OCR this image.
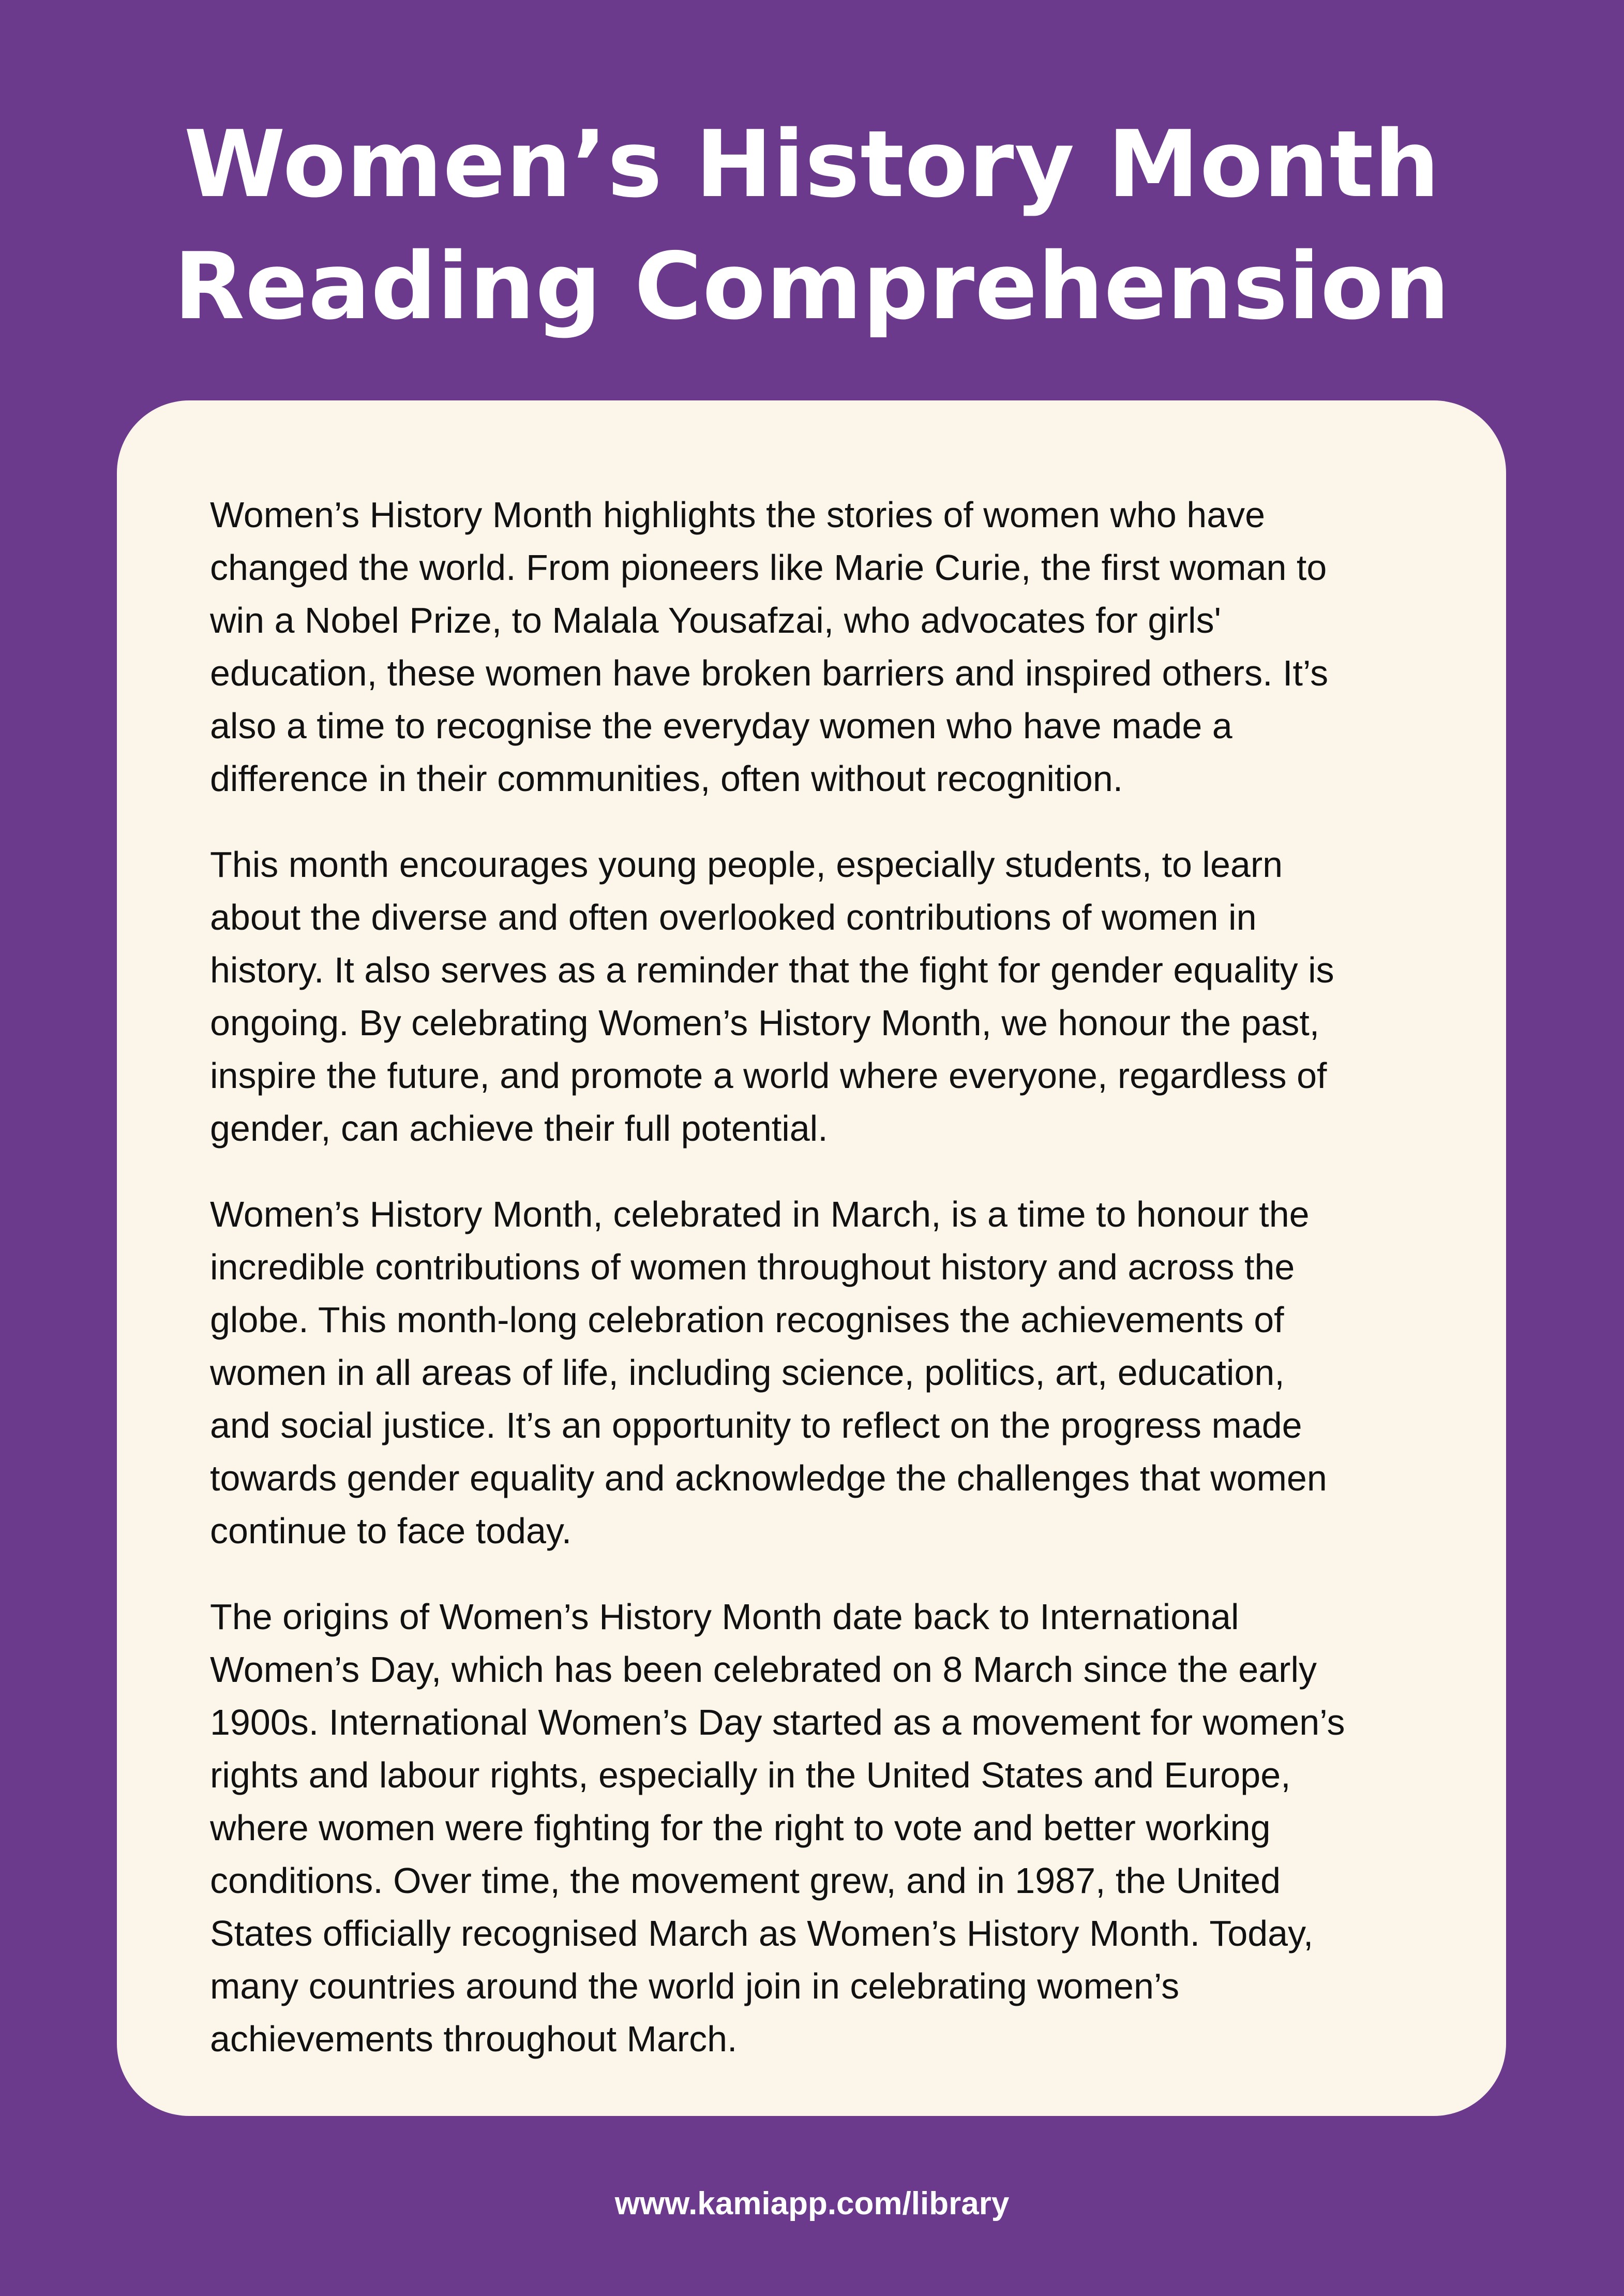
Women’s History Month
Reading Comprehension

Women’s History Month highlights the stories of women who have
changed the world. From pioneers like Marie Curie, the first woman to
win a Nobel Prize, to Malala Yousafzai, who advocates for girls'
education, these women have broken barriers and inspired others. It’s
also a time to recognise the everyday women who have made a
difference in their communities, often without recognition.

This month encourages young people, especially students, to learn
about the diverse and often overlooked contributions of women in
history. It also serves as a reminder that the fight for gender equality is
ongoing. By celebrating Women’s History Month, we honour the past,
inspire the future, and promote a world where everyone, regardless of
gender, can achieve their full potential.

Women’s History Month, celebrated in March, is a time to honour the
incredible contributions of women throughout history and across the
globe. This month-long celebration recognises the achievements of
women in all areas of life, including science, politics, art, education,
and social justice. It’s an opportunity to reflect on the progress made
towards gender equality and acknowledge the challenges that women
continue to face today.

The origins of Women’s History Month date back to International
Women’s Day, which has been celebrated on 8 March since the early
1900s. International Women’s Day started as a movement for women’s
rights and labour rights, especially in the United States and Europe,
where women were fighting for the right to vote and better working
conditions. Over time, the movement grew, and in 1987, the United
States officially recognised March as Women’s History Month. Today,
many countries around the world join in celebrating women’s
achievements throughout March.

www.kamiapp.com/library
